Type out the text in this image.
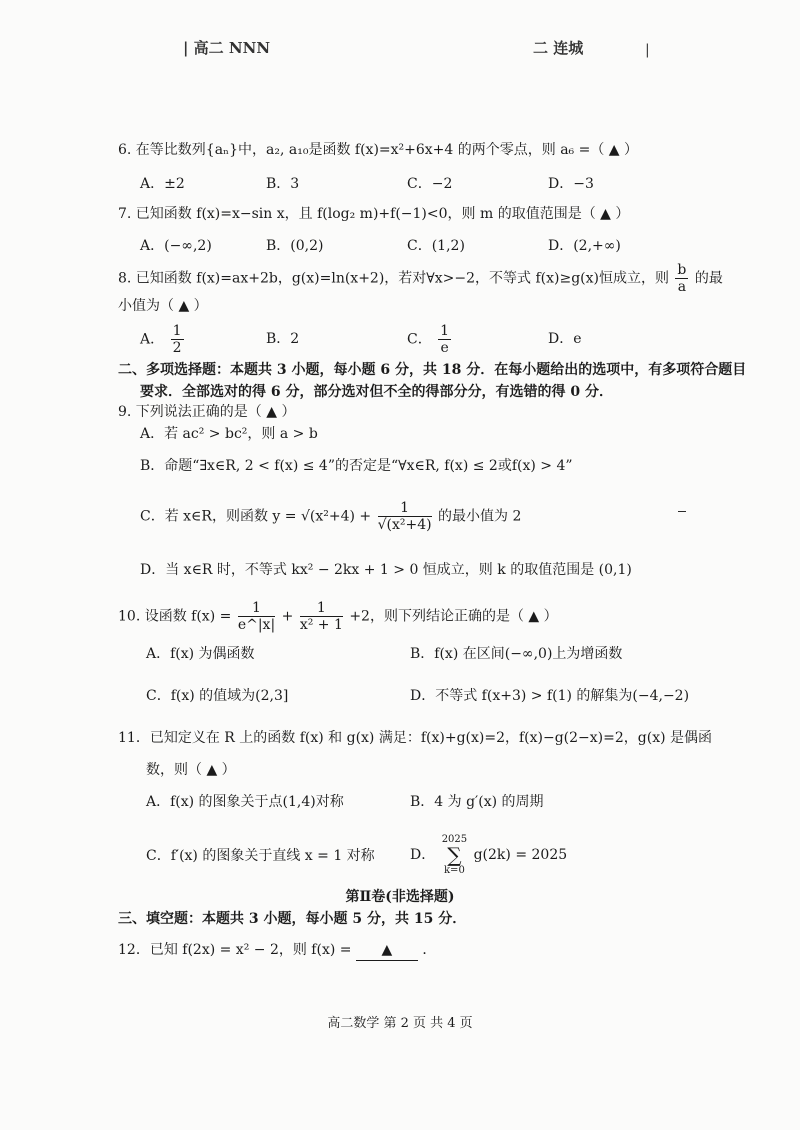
| 高二 NNN	二 连城	|
6. 在等比数列{aₙ}中，a₂, a₁₀是函数 f(x)=x²+6x+4 的两个零点，则 a₆ =（ ▲ ）
A．±2	B．3	C．−2	D．−3
7. 已知函数 f(x)=x−sin x，且 f(log₂ m)+f(−1)<0，则 m 的取值范围是（ ▲ ）
A．(−∞,2)	B．(0,2)	C．(1,2)	D．(2,+∞)
8. 已知函数 f(x)=ax+2b，g(x)=ln(x+2)，若对∀x>−2，不等式 f(x)≥g(x)恒成立，则 $\frac{b}{a}$ 的最
小值为（ ▲ ）
A． $\frac{1}{2}$	B．2	C． $\frac{1}{e}$	D．e
二、多项选择题：本题共 3 小题，每小题 6 分，共 18 分．在每小题给出的选项中，有多项符合题目
要求．全部选对的得 6 分，部分选对但不全的得部分分，有选错的得 0 分．
9. 下列说法正确的是（ ▲ ）
A．若 ac² > bc²，则 a > b
B．命题“∃x∈R, 2 < f(x) ≤ 4”的否定是“∀x∈R, f(x) ≤ 2或f(x) > 4”
C．若 x∈R，则函数 $y = √(x^2+4) + \frac{1}{\text{√(x²+4)}}$ 的最小值为 2
D．当 x∈R 时，不等式 kx² − 2kx + 1 > 0 恒成立，则 k 的取值范围是 (0,1)
10. 设函数 $f(x) = \frac{1}{e\^{}|x|} + \frac{1}{\text{x² + 1}} +2$，则下列结论正确的是（ ▲ ）
A．f(x) 为偶函数	B．f(x) 在区间(−∞,0)上为增函数
C．f(x) 的值域为(2,3]	D．不等式 f(x+3) > f(1) 的解集为(−4,−2)
11．已知定义在 R 上的函数 f(x) 和 g(x) 满足：f(x)+g(x)=2，f(x)−g(2−x)=2，g(x) 是偶函
数，则（ ▲ ）
A．f(x) 的图象关于点(1,4)对称	B．4 为 g′(x) 的周期
C．f′(x) 的图象关于直线 x = 1 对称	D．
2025
∑
k=0
g(2k) = 2025
第Ⅱ卷(非选择题)
三、填空题：本题共 3 小题，每小题 5 分，共 15 分．
12．已知 f(2x) = x² − 2，则 f(x) = ▲ ．
高二数学 第 2 页 共 4 页
